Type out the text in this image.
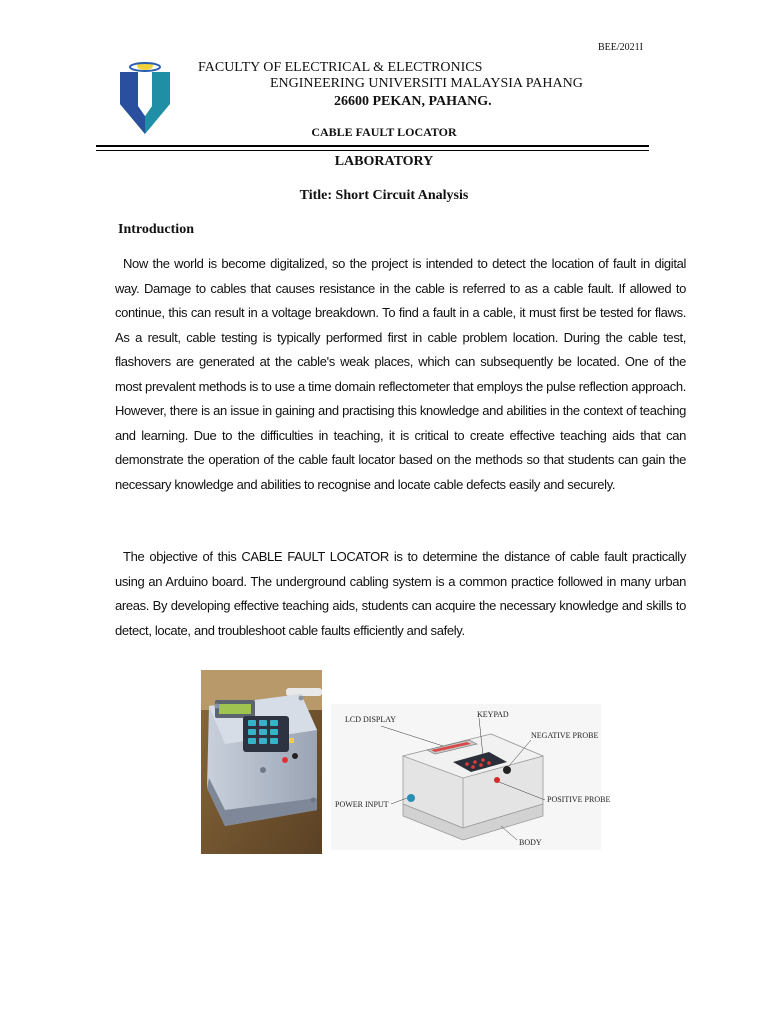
BEE/2021I
FACULTY OF ELECTRICAL & ELECTRONICS
ENGINEERING UNIVERSITI MALAYSIA PAHANG
26600 PEKAN, PAHANG.
CABLE FAULT LOCATOR
LABORATORY
Title: Short Circuit Analysis
Introduction
Now the world is become digitalized, so the project is intended to detect the location of fault in digital way. Damage to cables that causes resistance in the cable is referred to as a cable fault. If allowed to continue, this can result in a voltage breakdown. To find a fault in a cable, it must first be tested for flaws. As a result, cable testing is typically performed first in cable problem location. During the cable test, flashovers are generated at the cable's weak places, which can subsequently be located. One of the most prevalent methods is to use a time domain reflectometer that employs the pulse reflection approach. However, there is an issue in gaining and practising this knowledge and abilities in the context of teaching and learning. Due to the difficulties in teaching, it is critical to create effective teaching aids that can demonstrate the operation of the cable fault locator based on the methods so that students can gain the necessary knowledge and abilities to recognise and locate cable defects easily and securely.
The objective of this CABLE FAULT LOCATOR is to determine the distance of cable fault practically using an Arduino board. The underground cabling system is a common practice followed in many urban areas. By developing effective teaching aids, students can acquire the necessary knowledge and skills to detect, locate, and troubleshoot cable faults efficiently and safely.
LCD DISPLAY
KEYPAD
NEGATIVE PROBE
POSITIVE PROBE
POWER INPUT
BODY
